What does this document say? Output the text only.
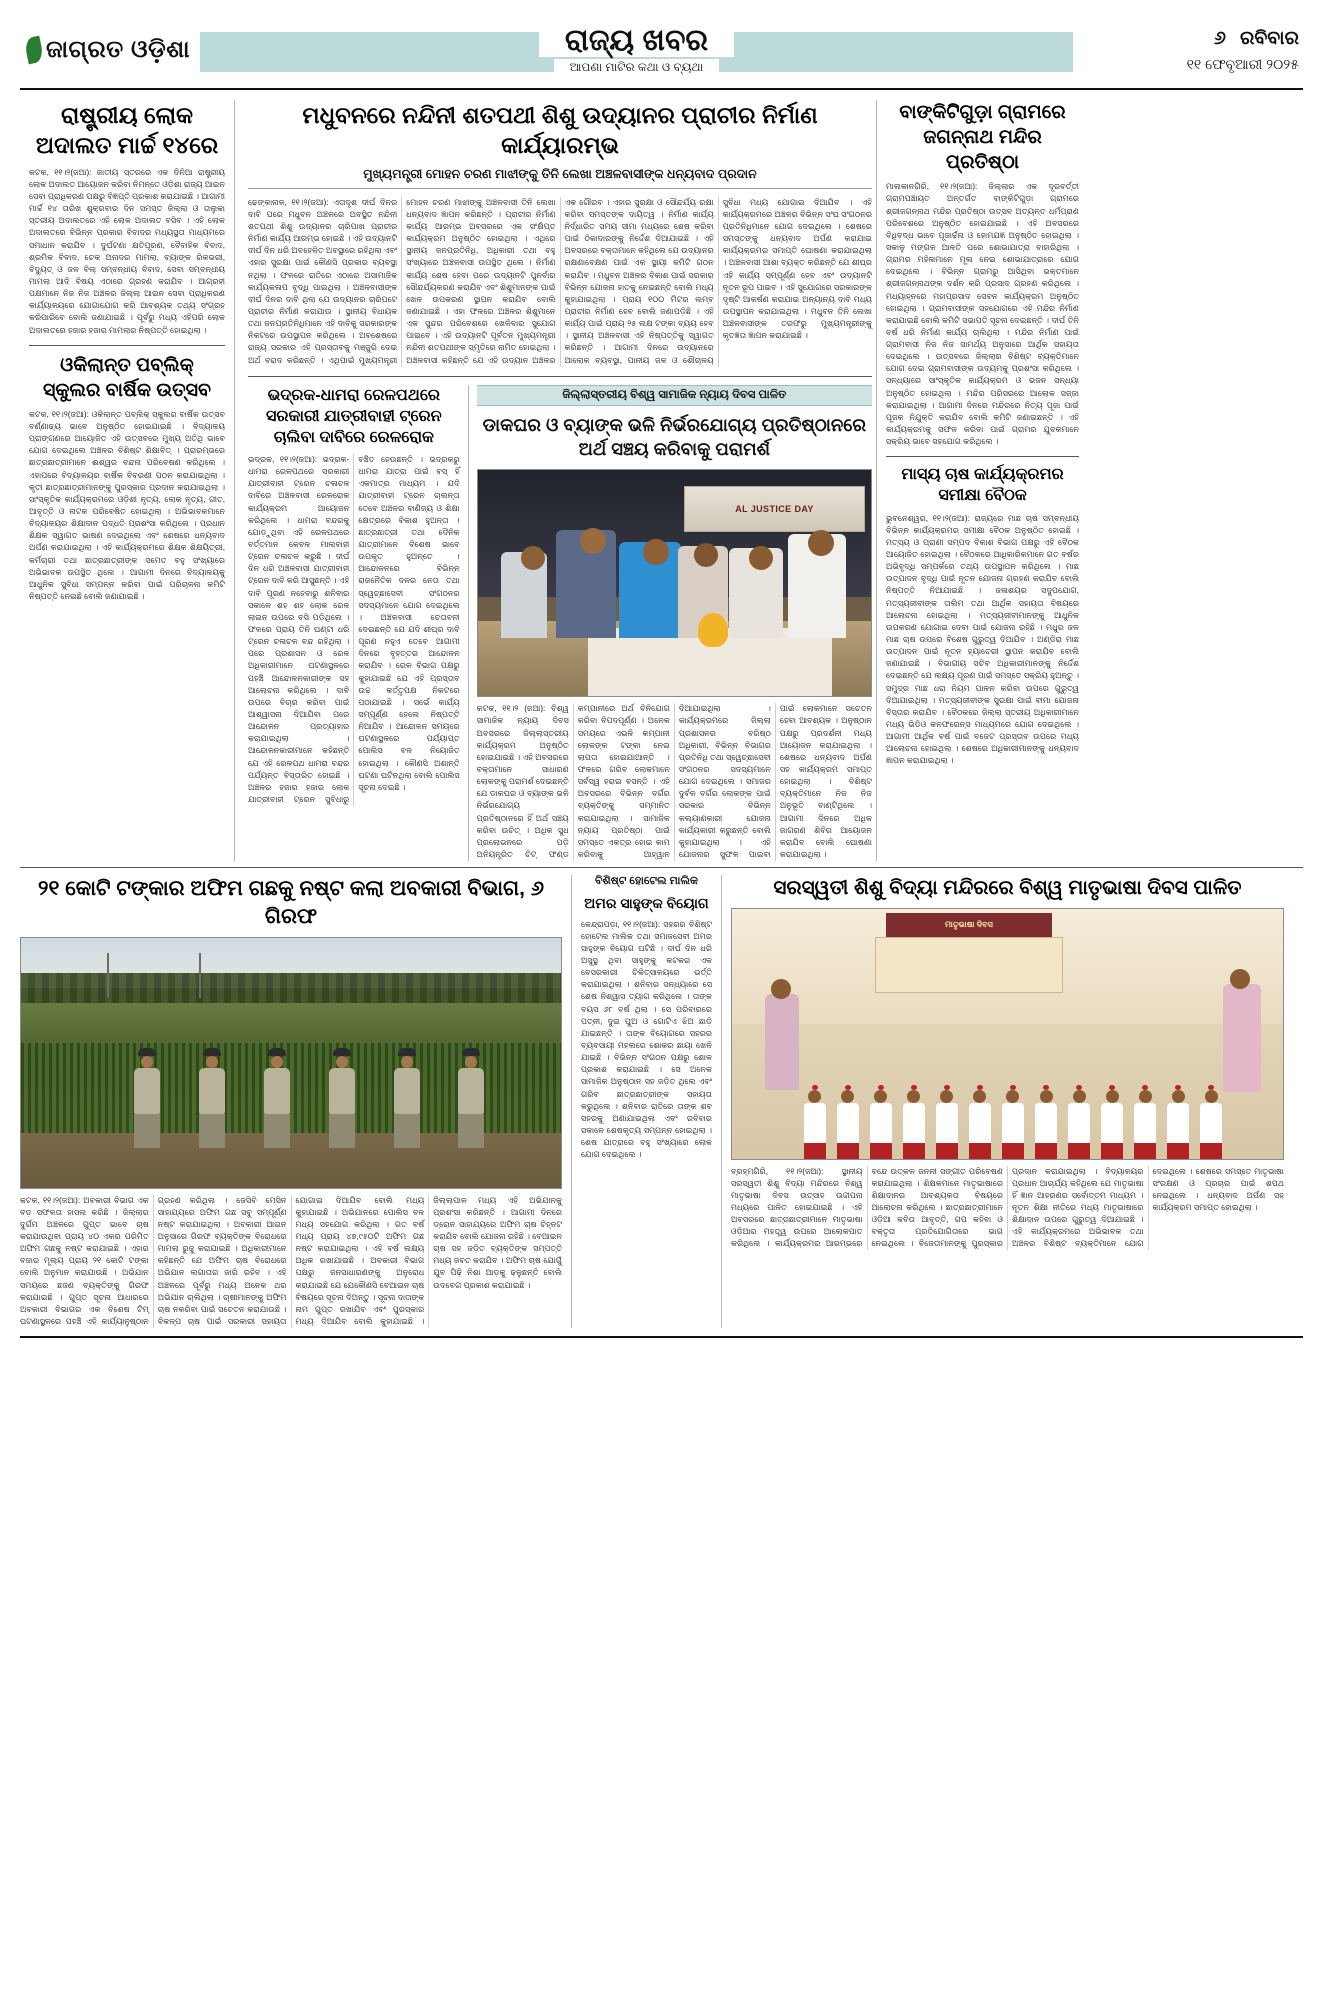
ଜାଗ୍ରତ ଓଡ଼ିଶା	ରାଜ୍ୟ ଖବର
ଆପଣା ମାଟିର କଥା ଓ ବ୍ୟଥା
୬ ରବିବାର
୧୧ ଫେବୃଆରୀ ୨୦୨୫
ରାଷ୍ଟ୍ରୀୟ ଲୋକ ଅଦାଲତ ମାର୍ଚ୍ଚ ୧୪ରେ
କଟକ, ୧୧।୨(ଜଆ): ଜାତୀୟ ସ୍ତରରେ ଏକ ଦିନିଆ ରାଷ୍ଟ୍ରୀୟ ଲୋକ ଅଦାଲତ ଆୟୋଜନ କରିବା ନିମନ୍ତେ ଓଡ଼ିଶା ରାଜ୍ୟ ଆଇନ ସେବା ପ୍ରାଧିକରଣ ପକ୍ଷରୁ ବିଜ୍ଞପ୍ତି ପ୍ରକାଶ କରାଯାଇଛି । ଆଗାମୀ ମାର୍ଚ୍ଚ ୧୪ ତାରିଖ ଶୁକ୍ରବାର ଦିନ ସମସ୍ତ ଜିଲ୍ଲା ଓ ତାଲୁକା ସ୍ତରୀୟ ଅଦାଲତରେ ଏହି ଲୋକ ଅଦାଲତ ବସିବ । ଏହି ଲୋକ ଅଦାଲତରେ ବିଭିନ୍ନ ପ୍ରକାର ବିବାଦର ମଧ୍ୟସ୍ଥତା ମାଧ୍ୟମରେ ସମାଧାନ କରାଯିବ । ଦୁର୍ଘଟଣା କ୍ଷତିପୂରଣ, ବୈବାହିକ ବିବାଦ, ଶ୍ରମିକ ବିବାଦ, ଚେକ ଅନାଦର ମାମଲା, ବ୍ୟାଙ୍କ ରିକଭରୀ, ବିଦ୍ୟୁତ୍ ଓ ଜଳ ବିଲ୍ ସମ୍ବନ୍ଧୀୟ ବିବାଦ, ସେବା ସମ୍ବନ୍ଧୀୟ ମାମଲା ଆଦି ବିଷୟ ଏଠାରେ ଗ୍ରହଣ କରାଯିବ । ଆଗ୍ରହୀ ପକ୍ଷମାନେ ନିଜ ନିଜ ଅଞ୍ଚଳର ଜିଲ୍ଲା ଆଇନ ସେବା ପ୍ରାଧିକରଣ କାର୍ଯ୍ୟାଳୟରେ ଯୋଗାଯୋଗ କରି ଆବଶ୍ୟକ ତଥ୍ୟ ସଂଗ୍ରହ କରିପାରିବେ ବୋଲି ଜଣାଯାଇଛି । ପୂର୍ବରୁ ମଧ୍ୟ ଏହିପରି ଲୋକ ଅଦାଲତରେ ହଜାର ହଜାର ମାମଲାର ନିଷ୍ପତ୍ତି ହୋଇଥିଲା ।
ଓକିଲାନ୍ତ ପବ୍ଲିକ୍ ସ୍କୁଲର ବାର୍ଷିକ ଉତ୍ସବ
କଟକ, ୧୧।୨(ଜଆ): ଓକିଲାନ୍ତ ପବ୍ଲିକ୍ ସ୍କୁଲର ବାର୍ଷିକ ଉତ୍ସବ ବର୍ଣ୍ଣାଢ୍ୟ ଭାବେ ଅନୁଷ୍ଠିତ ହୋଇଯାଇଛି । ବିଦ୍ୟାଳୟ ପ୍ରାଙ୍ଗଣରେ ଆୟୋଜିତ ଏହି ଉତ୍ସବରେ ମୁଖ୍ୟ ଅତିଥି ଭାବେ ଯୋଗ ଦେଇଥିଲେ ଅଞ୍ଚଳର ବିଶିଷ୍ଟ ଶିକ୍ଷାବିତ୍ । ପ୍ରାରମ୍ଭରେ ଛାତ୍ରଛାତ୍ରୀମାନେ ଈଶ୍ୱର ବନ୍ଦନା ପରିବେଷଣ କରିଥିଲେ । ଏହାପରେ ବିଦ୍ୟାଳୟର ବାର୍ଷିକ ବିବରଣୀ ପଠନ କରାଯାଇଥିଲା । କୃତୀ ଛାତ୍ରଛାତ୍ରୀମାନଙ୍କୁ ପୁରସ୍କାର ପ୍ରଦାନ କରାଯାଇଥିଲା । ସାଂସ୍କୃତିକ କାର୍ଯ୍ୟକ୍ରମରେ ଓଡ଼ିଶୀ ନୃତ୍ୟ, ଲୋକ ନୃତ୍ୟ, ଗୀତ, ଆବୃତ୍ତି ଓ ନାଟକ ପରିବେଷିତ ହୋଇଥିଲା । ଅଭିଭାବକମାନେ ବିଦ୍ୟାଳୟର ଶିକ୍ଷାଦାନ ପଦ୍ଧତି ପ୍ରଶଂସା କରିଥିଲେ । ପ୍ରଧାନ ଶିକ୍ଷକ ସ୍ୱାଗତ ଭାଷଣ ଦେଇଥିଲେ ଏବଂ ଶେଷରେ ଧନ୍ୟବାଦ ଅର୍ପଣ କରାଯାଇଥିଲା । ଏହି କାର୍ଯ୍ୟକ୍ରମରେ ଶିକ୍ଷକ ଶିକ୍ଷୟିତ୍ରୀ, କର୍ମଚାରୀ ତଥା ଛାତ୍ରଛାତ୍ରୀଙ୍କ ସମେତ ବହୁ ସଂଖ୍ୟାରେ ଅଭିଭାବକ ଉପସ୍ଥିତ ଥିଲେ । ଆଗାମୀ ଦିନରେ ବିଦ୍ୟାଳୟକୁ ଆଧୁନିକ ସୁବିଧା ସମ୍ପନ୍ନ କରିବା ପାଇଁ ପରିଚାଳନା କମିଟି ନିଷ୍ପତ୍ତି ନେଇଛି ବୋଲି ଜଣାଯାଇଛି ।
ମଧୁବନରେ ନନ୍ଦିନୀ ଶତପଥୀ ଶିଶୁ ଉଦ୍ୟାନର ପ୍ରାଚୀର ନିର୍ମାଣ କାର୍ଯ୍ୟାରମ୍ଭ
ମୁଖ୍ୟମନ୍ତ୍ରୀ ମୋହନ ଚରଣ ମାଝୀଙ୍କୁ ତିନି ଲେଖା ଅଞ୍ଚଳବାସୀଙ୍କ ଧନ୍ୟବାଦ ପ୍ରଦାନ
ଢେଙ୍କାନାଳ, ୧୧।୨(ଜଆ): ଏତାଦୃଶ ଦୀର୍ଘ ଦିନର ଦାବି ପରେ ମଧୁବନ ଅଞ୍ଚଳରେ ଅବସ୍ଥିତ ନନ୍ଦିନୀ ଶତପଥୀ ଶିଶୁ ଉଦ୍ୟାନର ଚାରିପାଖ ପ୍ରାଚୀର ନିର୍ମାଣ କାର୍ଯ୍ୟ ଆରମ୍ଭ ହୋଇଛି । ଏହି ଉଦ୍ୟାନଟି ଦୀର୍ଘ ଦିନ ଧରି ଅବହେଳିତ ଅବସ୍ଥାରେ ରହିଥିଲା ଏବଂ ଏହାର ସୁରକ୍ଷା ପାଇଁ କୌଣସି ପ୍ରକାର ବ୍ୟବସ୍ଥା ନଥିଲା । ଫଳରେ ରାତିରେ ଏଠାରେ ଅସାମାଜିକ କାର୍ଯ୍ୟକଳାପ ବୃଦ୍ଧି ପାଇଥିଲା । ଅଞ୍ଚଳବାସୀଙ୍କ ଦୀର୍ଘ ଦିନର ଦାବି ଥିଲା ଯେ ଉଦ୍ୟାନର ଚାରିପଟେ ପ୍ରାଚୀର ନିର୍ମାଣ କରାଯାଉ । ସ୍ଥାନୀୟ ବିଧାୟକ ତଥା ଜନପ୍ରତିନିଧିମାନେ ଏହି ଦାବିକୁ ସରକାରଙ୍କ ନିକଟରେ ଉପସ୍ଥାପନ କରିଥିଲେ । ଅବଶେଷରେ ରାଜ୍ୟ ସରକାର ଏହି ପ୍ରସ୍ତାବକୁ ମଞ୍ଜୁରି ଦେଇ ଅର୍ଥ ବରାଦ କରିଛନ୍ତି । ଏଥିପାଇଁ ମୁଖ୍ୟମନ୍ତ୍ରୀ ମୋହନ ଚରଣ ମାଝୀଙ୍କୁ ଅଞ୍ଚଳବାସୀ ତିନି ଲେଖା ଧନ୍ୟବାଦ ଜ୍ଞାପନ କରିଛନ୍ତି । ପ୍ରାଚୀର ନିର୍ମାଣ କାର୍ଯ୍ୟ ଆରମ୍ଭ ଅବସରରେ ଏକ ସଂକ୍ଷିପ୍ତ କାର୍ଯ୍ୟକ୍ରମ ଅନୁଷ୍ଠିତ ହୋଇଥିଲା । ଏଥିରେ ସ୍ଥାନୀୟ ଜନପ୍ରତିନିଧି, ଅଧିକାରୀ ତଥା ବହୁ ସଂଖ୍ୟାରେ ଅଞ୍ଚଳବାସୀ ଉପସ୍ଥିତ ଥିଲେ । ନିର୍ମାଣ କାର୍ଯ୍ୟ ଶେଷ ହେବା ପରେ ଉଦ୍ୟାନଟି ପୁନର୍ବାର ସୌନ୍ଦର୍ଯ୍ୟକରଣ କରାଯିବ ଏବଂ ଶିଶୁମାନଙ୍କ ପାଇଁ ଖେଳ ଉପକରଣ ସ୍ଥାପନ କରାଯିବ ବୋଲି ଜଣାଯାଇଛି । ଏହା ଫଳରେ ଅଞ୍ଚଳର ଶିଶୁମାନେ ଏକ ସୁନ୍ଦର ପରିବେଶରେ ଖେଳିବାର ସୁଯୋଗ ପାଇବେ । ଏହି ଉଦ୍ୟାନଟି ପୂର୍ବତନ ମୁଖ୍ୟମନ୍ତ୍ରୀ ନନ୍ଦିନୀ ଶତପଥୀଙ୍କ ସ୍ମୃତିରେ ନାମିତ ହୋଇଥିଲା । ଅଞ୍ଚଳବାସୀ କହିଛନ୍ତି ଯେ ଏହି ଉଦ୍ୟାନ ଅଞ୍ଚଳର ଏକ ଗୌରବ । ଏହାର ସୁରକ୍ଷା ଓ ସୌନ୍ଦର୍ଯ୍ୟ ରକ୍ଷା କରିବା ସମସ୍ତଙ୍କ ଦାୟିତ୍ୱ । ନିର୍ମାଣ କାର୍ଯ୍ୟ ନିର୍ଦ୍ଧାରିତ ସମୟ ସୀମା ମଧ୍ୟରେ ଶେଷ କରିବା ପାଇଁ ଠିକାଦାରଙ୍କୁ ନିର୍ଦ୍ଦେଶ ଦିଆଯାଇଛି । ଏହି ଅବସରରେ ବକ୍ତାମାନେ କହିଥିଲେ ଯେ ଉଦ୍ୟାନର ରକ୍ଷଣାବେକ୍ଷଣ ପାଇଁ ଏକ ସ୍ଥାୟୀ କମିଟି ଗଠନ କରାଯିବ । ମଧୁବନ ଅଞ୍ଚଳର ବିକାଶ ପାଇଁ ସରକାର ବିଭିନ୍ନ ଯୋଜନା ହାତକୁ ନେଇଛନ୍ତି ବୋଲି ମଧ୍ୟ କୁହାଯାଇଥିଲା । ପ୍ରାୟ ୧୦୦ ମିଟର ଲମ୍ବ ପ୍ରାଚୀର ନିର୍ମାଣ ହେବ ବୋଲି ଜଣାପଡ଼ିଛି । ଏହି କାର୍ଯ୍ୟ ପାଇଁ ପ୍ରାୟ ୨୫ ଲକ୍ଷ ଟଙ୍କା ବ୍ୟୟ ହେବ । ସ୍ଥାନୀୟ ଅଞ୍ଚଳବାସୀ ଏହି ନିଷ୍ପତ୍ତିକୁ ସ୍ୱାଗତ କରିଛନ୍ତି । ଆଗାମୀ ଦିନରେ ଉଦ୍ୟାନରେ ଆଲୋକ ବ୍ୟବସ୍ଥା, ପାନୀୟ ଜଳ ଓ ଶୌଚାଳୟ ସୁବିଧା ମଧ୍ୟ ଯୋଗାଇ ଦିଆଯିବ । ଏହି କାର୍ଯ୍ୟକ୍ରମରେ ଅଞ୍ଚଳର ବିଭିନ୍ନ ସଂଘ ସଂଗଠନର ପ୍ରତିନିଧିମାନେ ଯୋଗ ଦେଇଥିଲେ । ଶେଷରେ ସମସ୍ତଙ୍କୁ ଧନ୍ୟବାଦ ଅର୍ପଣ କରାଯାଇ କାର୍ଯ୍ୟକ୍ରମର ସମାପ୍ତି ଘୋଷଣା କରାଯାଇଥିଲା । ଅଞ୍ଚଳବାସୀ ଆଶା ବ୍ୟକ୍ତ କରିଛନ୍ତି ଯେ ଶୀଘ୍ର ଏହି କାର୍ଯ୍ୟ ସମ୍ପୂର୍ଣ୍ଣ ହେବ ଏବଂ ଉଦ୍ୟାନଟି ନୂତନ ରୂପ ପାଇବ । ଏହି ସୁଯୋଗରେ ସରକାରଙ୍କ ଦୃଷ୍ଟି ଆକର୍ଷଣ କରାଯାଇ ଅନ୍ୟାନ୍ୟ ଦାବି ମଧ୍ୟ ଉପସ୍ଥାପନ କରାଯାଇଥିଲା । ମଧୁବନ ତିନି ଲେଖା ଅଞ୍ଚଳବାସୀଙ୍କ ତରଫରୁ ମୁଖ୍ୟମନ୍ତ୍ରୀଙ୍କୁ କୃତଜ୍ଞତା ଜ୍ଞାପନ କରାଯାଇଛି ।
ଭଦ୍ରକ-ଧାମରା ରେଳପଥରେ ସରକାରୀ ଯାତ୍ରୀବାହୀ ଟ୍ରେନ ଚାଲିବା ଦାବିରେ ରେଳରୋକ
ଭଦ୍ରକ, ୧୧।୨(ଜଆ): ଭଦ୍ରକ-ଧାମରା ରେଳପଥରେ ସରକାରୀ ଯାତ୍ରୀବାହୀ ଟ୍ରେନ ଚଳାଚଳ ଦାବିରେ ଅଞ୍ଚଳବାସୀ ରେଳରୋକ କାର୍ଯ୍ୟକ୍ରମ ଆୟୋଜନ କରିଥିଲେ । ଧାମରା ବନ୍ଦରକୁ ଯୋଡ଼ୁଥିବା ଏହି ରେଳପଥରେ ବର୍ତ୍ତମାନ କେବଳ ମାଲବାହୀ ଟ୍ରେନ ଚଳାଚଳ କରୁଛି । ଦୀର୍ଘ ଦିନ ଧରି ଅଞ୍ଚଳବାସୀ ଯାତ୍ରୀବାହୀ ଟ୍ରେନ ଦାବି କରି ଆସୁଛନ୍ତି । ଏହି ଦାବି ପୂରଣ ନହେବାରୁ ଶନିବାର ସକାଳେ ଶହ ଶହ ଲୋକ ରେଳ ଲାଇନ ଉପରେ ବସି ପଡ଼ିଥିଲେ । ଫଳରେ ପ୍ରାୟ ତିନି ଘଣ୍ଟା ଧରି ଟ୍ରେନ ଚଳାଚଳ ବନ୍ଦ ରହିଥିଲା । ପରେ ପ୍ରଶାସନ ଓ ରେଳ ଅଧିକାରୀମାନେ ଘଟଣାସ୍ଥଳରେ ପହଞ୍ଚି ଆନ୍ଦୋଳନକାରୀଙ୍କ ସହ ଆଲୋଚନା କରିଥିଲେ । ଦାବି ଉପରେ ବିଚାର କରିବା ପାଇଁ ଆଶ୍ୱାସନା ଦିଆଯିବା ପରେ ଆନ୍ଦୋଳନ ପ୍ରତ୍ୟାହାର କରାଯାଇଥିଲା । ଆନ୍ଦୋଳନକାରୀମାନେ କହିଛନ୍ତି ଯେ ଏହି ରେଳପଥ ଧାମରା ବନ୍ଦର ପର୍ଯ୍ୟନ୍ତ ବିସ୍ତାରିତ ହୋଇଛି । ଅଞ୍ଚଳର ହଜାର ହଜାର ଲୋକ ଯାତ୍ରୀବାହୀ ଟ୍ରେନ ସୁବିଧାରୁ ବଞ୍ଚିତ ହେଉଛନ୍ତି । ଭଦ୍ରକରୁ ଧାମରା ଯାତ୍ରା ପାଇଁ ବସ୍ ହିଁ ଏକମାତ୍ର ମାଧ୍ୟମ । ଯଦି ଯାତ୍ରୀବାହୀ ଟ୍ରେନ ଚାଲନ୍ତା ତେବେ ଅଞ୍ଚଳର ବାଣିଜ୍ୟ ଓ ଶିକ୍ଷା କ୍ଷେତ୍ରରେ ବିକାଶ ହୁଅନ୍ତା । ଛାତ୍ରଛାତ୍ରୀ ତଥା ଦୈନିକ ଯାତ୍ରୀମାନେ ବିଶେଷ ଭାବେ ଉପକୃତ ହୁଅନ୍ତେ । ଆନ୍ଦୋଳନରେ ବିଭିନ୍ନ ରାଜନୈତିକ ଦଳର ନେତା ତଥା ସ୍ୱେଚ୍ଛାସେବୀ ସଂଗଠନର ସଦସ୍ୟମାନେ ଯୋଗ ଦେଇଥିଲେ । ଅଞ୍ଚଳବାସୀ ଚେତାବନୀ ଦେଇଛନ୍ତି ଯେ ଯଦି ଶୀଘ୍ର ଦାବି ପୂରଣ ନହୁଏ ତେବେ ଆଗାମୀ ଦିନରେ ବୃହତ୍ତର ଆନ୍ଦୋଳନ କରାଯିବ । ରେଳ ବିଭାଗ ପକ୍ଷରୁ କୁହାଯାଇଛି ଯେ ଏହି ପ୍ରସ୍ତାବ ଉଚ୍ଚ କର୍ତ୍ତୃପକ୍ଷ ନିକଟରେ ପଠାଯାଇଛି । ସର୍ଭେ କାର୍ଯ୍ୟ ସମ୍ପୂର୍ଣ୍ଣ ହେଲେ ନିଷ୍ପତ୍ତି ନିଆଯିବ । ଆନ୍ଦୋଳନ ସମୟରେ ଘଟଣାସ୍ଥଳରେ ପର୍ଯ୍ୟାପ୍ତ ପୋଲିସ ବଳ ନିୟୋଜିତ ହୋଇଥିଲା । କୌଣସି ଅଶାନ୍ତି ଘଟଣା ଘଟିନଥିଲା ବୋଲି ପୋଲିସ ସୂଚନା ଦେଇଛି ।
ଜିଲ୍ଲାସ୍ତରୀୟ ବିଶ୍ୱ ସାମାଜିକ ନ୍ୟାୟ ଦିବସ ପାଳିତ
ଡାକଘର ଓ ବ୍ୟାଙ୍କ ଭଳି ନିର୍ଭରଯୋଗ୍ୟ ପ୍ରତିଷ୍ଠାନରେ ଅର୍ଥ ସଞ୍ଚୟ କରିବାକୁ ପରାମର୍ଶ
AL JUSTICE DAY
କଟକ, ୧୧।୨ (ଜଆ): ବିଶ୍ୱ ସାମାଜିକ ନ୍ୟାୟ ଦିବସ ଅବସରରେ ଜିଲ୍ଲାସ୍ତରୀୟ କାର୍ଯ୍ୟକ୍ରମ ଅନୁଷ୍ଠିତ ହୋଇଯାଇଛି । ଏହି ଅବସରରେ ବକ୍ତାମାନେ ସାଧାରଣ ଲୋକଙ୍କୁ ପରାମର୍ଶ ଦେଇଛନ୍ତି ଯେ ଡାକଘର ଓ ବ୍ୟାଙ୍କ ଭଳି ନିର୍ଭରଯୋଗ୍ୟ ପ୍ରତିଷ୍ଠାନରେ ହିଁ ଅର୍ଥ ସଞ୍ଚୟ କରିବା ଉଚିତ୍ । ଅଧିକ ସୁଧ ପ୍ରଲୋଭନରେ ପଡ଼ି ଅନିୟନ୍ତ୍ରିତ ଚିଟ୍ ଫଣ୍ଡ କମ୍ପାନୀରେ ଅର୍ଥ ବିନିଯୋଗ କରିବା ବିପଦପୂର୍ଣ୍ଣ । ଅନେକ ସମୟରେ ଏଭଳି କମ୍ପାନୀ ଲୋକଙ୍କ ଟଙ୍କା ନେଇ ଲାପତା ହୋଇଯାଆନ୍ତି । ଫଳରେ ଗରିବ ଲୋକମାନେ ସର୍ବସ୍ୱ ହରାଇ ବସନ୍ତି । ଏହି ଅବସରରେ ବିଭିନ୍ନ ବର୍ଗର ବ୍ୟକ୍ତିଙ୍କୁ ସମ୍ମାନିତ କରାଯାଇଥିଲା । ସାମାଜିକ ନ୍ୟାୟ ପ୍ରତିଷ୍ଠା ପାଇଁ ସମସ୍ତେ ଏକତ୍ର ହୋଇ କାମ କରିବାକୁ ଆହ୍ୱାନ ଦିଆଯାଇଥିଲା । କାର୍ଯ୍ୟକ୍ରମରେ ଜିଲ୍ଲା ପ୍ରଶାସନର ବରିଷ୍ଠ ଅଧିକାରୀ, ବିଭିନ୍ନ ବିଭାଗର ପ୍ରତିନିଧି ତଥା ସ୍ୱେଚ୍ଛାସେବୀ ସଂଗଠନର ସଦସ୍ୟମାନେ ଯୋଗ ଦେଇଥିଲେ । ସମାଜର ଦୁର୍ବଳ ବର୍ଗର ଲୋକଙ୍କ ପାଇଁ ସରକାର ବିଭିନ୍ନ କଲ୍ୟାଣକାରୀ ଯୋଜନା କାର୍ଯ୍ୟକାରୀ କରୁଛନ୍ତି ବୋଲି କୁହାଯାଇଥିଲା । ଏହି ଯୋଜନାର ସୁଫଳ ପାଇବା ପାଇଁ ଲୋକମାନେ ସଚେତନ ହେବା ଆବଶ୍ୟକ । ଅନୁଷ୍ଠାନ ପକ୍ଷରୁ ପ୍ରଦର୍ଶନୀ ମଧ୍ୟ ଆୟୋଜନ କରାଯାଇଥିଲା । ଶେଷରେ ଧନ୍ୟବାଦ ଅର୍ପଣ ସହ କାର୍ଯ୍ୟକ୍ରମ ସମାପ୍ତ ହୋଇଥିଲା । ବିଶିଷ୍ଟ ବ୍ୟକ୍ତିମାନେ ନିଜ ନିଜ ଅନୁଭୂତି ବାଣ୍ଟିଥିଲେ । ଆଗାମୀ ଦିନରେ ଅଧିକ ଜାଗରଣ ଶିବିର ଆୟୋଜନ କରାଯିବ ବୋଲି ଘୋଷଣା କରାଯାଇଥିଲା ।
ବାଙ୍କିଟିଗୁଡ଼ା ଗ୍ରାମରେ ଜଗନ୍ନାଥ ମନ୍ଦିର ପ୍ରତିଷ୍ଠା
ମାଲକାନଗିରି, ୧୧।୨(ଜଆ): ଜିଲ୍ଲାର ଏକ ଦୂରବର୍ତ୍ତୀ ଗ୍ରାମପଞ୍ଚାୟତ ଅନ୍ତର୍ଗତ ବାଙ୍କିଟିଗୁଡ଼ା ଗ୍ରାମରେ ଶ୍ରୀଜଗନ୍ନାଥ ମନ୍ଦିର ପ୍ରତିଷ୍ଠା ଉତ୍ସବ ଅତ୍ୟନ୍ତ ଧର୍ମପ୍ରାଣ ପରିବେଶରେ ଅନୁଷ୍ଠିତ ହୋଇଯାଇଛି । ଏହି ଅବସରରେ ବିଧିବଦ୍ଧ ଭାବେ ପୂଜାର୍ଚ୍ଚନା ଓ ହୋମଯଜ୍ଞ ଅନୁଷ୍ଠିତ ହୋଇଥିଲା । ସକାଳୁ ମଙ୍ଗଳ ଆଳତି ପରେ ଶୋଭାଯାତ୍ରା ବାହାରିଥିଲା । ଗ୍ରାମର ମହିଳାମାନେ ମୂଳା ନେଇ ଶୋଭାଯାତ୍ରାରେ ଯୋଗ ଦେଇଥିଲେ । ବିଭିନ୍ନ ଗ୍ରାମରୁ ଆସିଥିବା ଭକ୍ତମାନେ ଶ୍ରୀଜଗନ୍ନାଥଙ୍କ ଦର୍ଶନ କରି ପ୍ରସାଦ ଗ୍ରହଣ କରିଥିଲେ । ମଧ୍ୟାହ୍ନରେ ମହାପ୍ରସାଦ ସେବନ କାର୍ଯ୍ୟକ୍ରମ ଅନୁଷ୍ଠିତ ହୋଇଥିଲା । ଗ୍ରାମବାସୀଙ୍କ ସହଯୋଗରେ ଏହି ମନ୍ଦିର ନିର୍ମାଣ କରାଯାଇଛି ବୋଲି କମିଟି ସଭାପତି ସୂଚନା ଦେଇଛନ୍ତି । ଦୀର୍ଘ ତିନି ବର୍ଷ ଧରି ନିର୍ମାଣ କାର୍ଯ୍ୟ ଚାଲିଥିଲା । ମନ୍ଦିର ନିର୍ମାଣ ପାଇଁ ଗ୍ରାମବାସୀ ନିଜ ନିଜ ସାମର୍ଥ୍ୟ ଅନୁସାରେ ଆର୍ଥିକ ସହାୟତା ଦେଇଥିଲେ । ଉତ୍ସବରେ ଜିଲ୍ଲାର ବିଶିଷ୍ଟ ବ୍ୟକ୍ତିମାନେ ଯୋଗ ଦେଇ ଗ୍ରାମବାସୀଙ୍କ ଉଦ୍ୟମକୁ ପ୍ରଶଂସା କରିଥିଲେ । ସନ୍ଧ୍ୟାରେ ସାଂସ୍କୃତିକ କାର୍ଯ୍ୟକ୍ରମ ଓ ଭଜନ ସନ୍ଧ୍ୟା ଅନୁଷ୍ଠିତ ହୋଇଥିଲା । ମନ୍ଦିର ପରିସରରେ ଆଲୋକ ସଜ୍ଜା କରାଯାଇଥିଲା । ଆଗାମୀ ଦିନରେ ମନ୍ଦିରରେ ନିତ୍ୟ ପୂଜା ପାଇଁ ପୂଜକ ନିଯୁକ୍ତି କରାଯିବ ବୋଲି କମିଟି ଜଣାଇଛନ୍ତି । ଏହି କାର୍ଯ୍ୟକ୍ରମକୁ ସଫଳ କରିବା ପାଇଁ ଗ୍ରାମର ଯୁବକମାନେ ସକ୍ରିୟ ଭାବେ ସହଯୋଗ କରିଥିଲେ ।
ମାସ୍ୟ ଚାଷ କାର୍ଯ୍ୟକ୍ରମର ସମୀକ୍ଷା ବୈଠକ
ଭୁବନେଶ୍ୱର, ୧୧।୨(ଜଆ): ରାଜ୍ୟରେ ମାଛ ଚାଷ ସମ୍ବନ୍ଧୀୟ ବିଭିନ୍ନ କାର୍ଯ୍ୟକ୍ରମର ସମୀକ୍ଷା ବୈଠକ ଅନୁଷ୍ଠିତ ହୋଇଛି । ମତ୍ସ୍ୟ ଓ ପ୍ରାଣୀ ସମ୍ପଦ ବିକାଶ ବିଭାଗ ପକ୍ଷରୁ ଏହି ବୈଠକ ଆୟୋଜିତ ହୋଇଥିଲା । ବୈଠକରେ ଆଧିକାରିକମାନେ ଗତ ବର୍ଷର ଅଭିବୃଦ୍ଧି ସମ୍ପର୍କରେ ତଥ୍ୟ ଉପସ୍ଥାପନ କରିଥିଲେ । ମାଛ ଉତ୍ପାଦନ ବୃଦ୍ଧି ପାଇଁ ନୂତନ ଯୋଜନା ଗ୍ରହଣ କରାଯିବ ବୋଲି ନିଷ୍ପତ୍ତି ନିଆଯାଇଛି । ଜଳାଶୟର ସଦୁପଯୋଗ, ମତ୍ସ୍ୟଜୀବୀଙ୍କ ତାଲିମ ତଥା ଆର୍ଥିକ ସହାୟତା ବିଷୟରେ ଆଲୋଚନା ହୋଇଥିଲା । ମତ୍ସ୍ୟଜୀବୀମାନଙ୍କୁ ଆଧୁନିକ ଉପକରଣ ଯୋଗାଇ ଦେବା ପାଇଁ ଯୋଜନା ରହିଛି । ମଧୁର ଜଳ ମାଛ ଚାଷ ଉପରେ ବିଶେଷ ଗୁରୁତ୍ୱ ଦିଆଯିବ । ଅଣ୍ଡିରା ମାଛ ଉତ୍ପାଦନ ପାଇଁ ନୂତନ ହ୍ୟାଚେରୀ ସ୍ଥାପନ କରାଯିବ ବୋଲି ଜଣାଯାଇଛି । ବିଭାଗୀୟ ସଚିବ ଅଧିକାରୀମାନଙ୍କୁ ନିର୍ଦ୍ଦେଶ ଦେଇଛନ୍ତି ଯେ ଲକ୍ଷ୍ୟ ପୂରଣ ପାଇଁ ସମସ୍ତେ ସକ୍ରିୟ ହୁଅନ୍ତୁ । ସମୁଦ୍ର ମାଛ ଧରା ନିୟମ ପାଳନ କରିବା ଉପରେ ଗୁରୁତ୍ୱ ଦିଆଯାଇଥିଲା । ମତ୍ସ୍ୟଜୀବୀଙ୍କ ସୁରକ୍ଷା ପାଇଁ ବୀମା ଯୋଜନା ବିସ୍ତାର କରାଯିବ । ବୈଠକରେ ଜିଲ୍ଲା ସ୍ତରୀୟ ଅଧିକାରୀମାନେ ମଧ୍ୟ ଭିଡିଓ କନଫରେନ୍ସ ମାଧ୍ୟମରେ ଯୋଗ ଦେଇଥିଲେ । ଆଗାମୀ ଆର୍ଥିକ ବର୍ଷ ପାଇଁ ବଜେଟ ପ୍ରସ୍ତାବ ଉପରେ ମଧ୍ୟ ଆଲୋଚନା ହୋଇଥିଲା । ଶେଷରେ ଅଧିକାରୀମାନଙ୍କୁ ଧନ୍ୟବାଦ ଜ୍ଞାପନ କରାଯାଇଥିଲା ।
୨୧ କୋଟି ଟଙ୍କାର ଅଫିମ ଗଛକୁ ନଷ୍ଟ କଲା ଅବକାରୀ ବିଭାଗ, ୬ ଗିରଫ
କଟକ, ୧୧।୨(ଜଆ): ଅବକାରୀ ବିଭାଗ ଏକ ବଡ଼ ସଫଳତା ହାସଲ କରିଛି । ଜିଲ୍ଲାର ଦୁର୍ଗମ ଅଞ୍ଚଳରେ ଗୁପ୍ତ ଭାବେ ଚାଷ କରାଯାଉଥିବା ପ୍ରାୟ ୪୦ ଏକର ପରିମିତ ଅଫିମ ଗଛକୁ ନଷ୍ଟ କରାଯାଇଛି । ଏହାର ବଜାର ମୂଲ୍ୟ ପ୍ରାୟ ୨୧ କୋଟି ଟଙ୍କା ବୋଲି ଅନୁମାନ କରାଯାଉଛି । ଅଭିଯାନ ସମୟରେ ଛଜଣ ବ୍ୟକ୍ତିଙ୍କୁ ଗିରଫ କରାଯାଇଛି । ଗୁପ୍ତ ସୂଚନା ଆଧାରରେ ଅବକାରୀ ବିଭାଗର ଏକ ବିଶେଷ ଟିମ୍ ଘଟଣାସ୍ଥଳରେ ପହଞ୍ଚି ଏହି କାର୍ଯ୍ୟାନୁଷ୍ଠାନ ଗ୍ରହଣ କରିଥିଲା । ଜେସିବି ମେସିନ ସାହାଯ୍ୟରେ ଅଫିମ ଗଛ ସବୁ ସମ୍ପୂର୍ଣ୍ଣ ନଷ୍ଟ କରାଯାଇଥିଲା । ଅବକାରୀ ଆଇନ ଅନୁସାରେ ଗିରଫ ବ୍ୟକ୍ତିଙ୍କ ବିରୋଧରେ ମାମଲା ରୁଜୁ କରାଯାଇଛି । ଅଧିକାରୀମାନେ କହିଛନ୍ତି ଯେ ଅଫିମ ଚାଷ ବିରୋଧରେ ଅଭିଯାନ ଲଗାତାର ଜାରି ରହିବ । ଏହି ଅଞ୍ଚଳରେ ପୂର୍ବରୁ ମଧ୍ୟ ଅନେକ ଥର ଅଭିଯାନ ଚାଲିଥିଲା । ଚାଷୀମାନଙ୍କୁ ଅଫିମ ଚାଷ ନକରିବା ପାଇଁ ସଚେତନ କରାଯାଉଛି । ବିକଳ୍ପ ଚାଷ ପାଇଁ ସରକାରୀ ସହାୟତା ଯୋଗାଇ ଦିଆଯିବ ବୋଲି ମଧ୍ୟ କୁହାଯାଇଛି । ଅଭିଯାନରେ ପୋଲିସ ବଳ ମଧ୍ୟ ସହଯୋଗ କରିଥିଲା । ଗତ ବର୍ଷ ମଧ୍ୟ ପ୍ରାୟ ୪୭,୯୫୦ଟି ଅଫିମ ଗଛ ନଷ୍ଟ କରାଯାଇଥିଲା । ଏହି ବର୍ଷ ଲକ୍ଷ୍ୟ ଅଧିକ ରଖାଯାଇଛି । ଅବକାରୀ ବିଭାଗ ପକ୍ଷରୁ ଜନସାଧାରଣଙ୍କୁ ଅନୁରୋଧ କରାଯାଇଛି ଯେ ଯେକୌଣସି ବେଆଇନ ଚାଷ ବିଷୟରେ ସୂଚନା ଦିଅନ୍ତୁ । ସୂଚନା ଦାତାଙ୍କ ନାମ ଗୁପ୍ତ ରଖାଯିବ ଏବଂ ପୁରସ୍କାର ମଧ୍ୟ ଦିଆଯିବ ବୋଲି କୁହାଯାଇଛି । ଜିଲ୍ଲାପାଳ ମଧ୍ୟ ଏହି ଅଭିଯାନକୁ ପ୍ରଶଂସା କରିଛନ୍ତି । ଆଗାମୀ ଦିନରେ ଡ୍ରୋନ ସାହାଯ୍ୟରେ ଅଫିମ ଚାଷ ଚିହ୍ନଟ କରାଯିବ ବୋଲି ଯୋଜନା ରହିଛି । ବେଆଇନ ଚାଷ ସହ ଜଡ଼ିତ ବ୍ୟକ୍ତିଙ୍କ ସମ୍ପତ୍ତି ମଧ୍ୟ ଜବତ କରାଯିବ । ଅଫିମ ଚାଷ ଯୋଗୁଁ ଯୁବ ପିଢ଼ି ନିଶା ଆଡ଼କୁ ଢଳୁଛନ୍ତି ବୋଲି ଉଦବେଗ ପ୍ରକାଶ କରାଯାଇଛି ।
ବିଶିଷ୍ଟ ହୋଟେଲ ମାଲିକ
ଅମର ସାହୁଙ୍କ ବିୟୋଗ
କେନ୍ଦ୍ରାପଡ଼ା, ୧୧।୨(ଜଆ): ସହରର ବିଶିଷ୍ଟ ହୋଟେଲ ମାଲିକ ତଥା ସମାଜସେବୀ ଅମର ସାହୁଙ୍କ ବିୟୋଗ ଘଟିଛି । ଦୀର୍ଘ ଦିନ ଧରି ଅସୁସ୍ଥ ଥିବା ସାହୁଙ୍କୁ କଟକର ଏକ ବେସରକାରୀ ଚିକିତ୍ସାଳୟରେ ଭର୍ତ୍ତି କରାଯାଇଥିଲା । ଶନିବାର ସନ୍ଧ୍ୟାରେ ସେ ଶେଷ ନିଶ୍ୱାସ ତ୍ୟାଗ କରିଥିଲେ । ତାଙ୍କ ବୟସ ୬୮ ବର୍ଷ ଥିଲା । ସେ ପରିବାରରେ ପତ୍ନୀ, ଦୁଇ ପୁଅ ଓ ଗୋଟିଏ ଝିଅ ଛାଡ଼ି ଯାଇଛନ୍ତି । ତାଙ୍କ ବିୟୋଗରେ ସହରର ବ୍ୟବସାୟୀ ମହଲରେ ଶୋକର ଛାୟା ଖେଳି ଯାଇଛି । ବିଭିନ୍ନ ସଂଗଠନ ପକ୍ଷରୁ ଶୋକ ପ୍ରକାଶ କରାଯାଇଛି । ସେ ଅନେକ ସାମାଜିକ ଅନୁଷ୍ଠାନ ସହ ଜଡ଼ିତ ଥିଲେ ଏବଂ ଗରିବ ଛାତ୍ରଛାତ୍ରୀଙ୍କ ସହାୟତା କରୁଥିଲେ । ଶନିବାର ରାତିରେ ତାଙ୍କ ଶବ ସହରକୁ ଅଣାଯାଇଥିଲା ଏବଂ ରବିବାର ସକାଳେ ଶେଷକୃତ୍ୟ ସମ୍ପନ୍ନ ହୋଇଥିଲା । ଶେଷ ଯାତ୍ରାରେ ବହୁ ସଂଖ୍ୟାରେ ଲୋକ ଯୋଗ ଦେଇଥିଲେ ।
ସରସ୍ୱତୀ ଶିଶୁ ବିଦ୍ୟା ମନ୍ଦିରରେ ବିଶ୍ୱ ମାତୃଭାଷା ଦିବସ ପାଳିତ
ମାତୃଭାଷା ଦିବସ
ବ୍ରହ୍ମଗିରି, ୧୧।୨(ଜଆ): ସ୍ଥାନୀୟ ସରସ୍ୱତୀ ଶିଶୁ ବିଦ୍ୟା ମନ୍ଦିରରେ ବିଶ୍ୱ ମାତୃଭାଷା ଦିବସ ଉତ୍ସାହ ଉଦ୍ଦୀପନା ମଧ୍ୟରେ ପାଳିତ ହୋଇଯାଇଛି । ଏହି ଅବସରରେ ଛାତ୍ରଛାତ୍ରୀମାନେ ମାତୃଭାଷା ଓଡ଼ିଆର ମହତ୍ତ୍ୱ ଉପରେ ଆଲୋକପାତ କରିଥିଲେ । କାର୍ଯ୍ୟକ୍ରମର ଆରମ୍ଭରେ ବନ୍ଦେ ଉତ୍କଳ ଜନନୀ ସଙ୍ଗୀତ ପରିବେଷଣ କରାଯାଇଥିଲା । ଶିକ୍ଷକମାନେ ମାତୃଭାଷାରେ ଶିକ୍ଷାଦାନର ଆବଶ୍ୟକତା ବିଷୟରେ ଆଲୋଚନା କରିଥିଲେ । ଛାତ୍ରଛାତ୍ରୀମାନେ ଓଡ଼ିଆ କବିତା ଆବୃତ୍ତି, ଗପ କହିବା ଓ ବକ୍ତୃତା ପ୍ରତିଯୋଗିତାରେ ଭାଗ ନେଇଥିଲେ । ବିଜେତାମାନଙ୍କୁ ପୁରସ୍କାର ପ୍ରଦାନ କରାଯାଇଥିଲା । ବିଦ୍ୟାଳୟର ପ୍ରଧାନ ଆଚାର୍ଯ୍ୟ କହିଥିଲେ ଯେ ମାତୃଭାଷା ହିଁ ଜ୍ଞାନ ଆହରଣର ସର୍ବୋତ୍ତମ ମାଧ୍ୟମ । ନୂତନ ଶିକ୍ଷା ନୀତିରେ ମଧ୍ୟ ମାତୃଭାଷାରେ ଶିକ୍ଷାଦାନ ଉପରେ ଗୁରୁତ୍ୱ ଦିଆଯାଇଛି । ଏହି କାର୍ଯ୍ୟକ୍ରମରେ ଅଭିଭାବକ ତଥା ଅଞ୍ଚଳର ବିଶିଷ୍ଟ ବ୍ୟକ୍ତିମାନେ ଯୋଗ ଦେଇଥିଲେ । ଶେଷରେ ସମସ୍ତେ ମାତୃଭାଷା ସଂରକ୍ଷଣ ଓ ପ୍ରଚାର ପାଇଁ ଶପଥ ନେଇଥିଲେ । ଧନ୍ୟବାଦ ଅର୍ପଣ ସହ କାର୍ଯ୍ୟକ୍ରମ ସମାପ୍ତ ହୋଇଥିଲା ।
